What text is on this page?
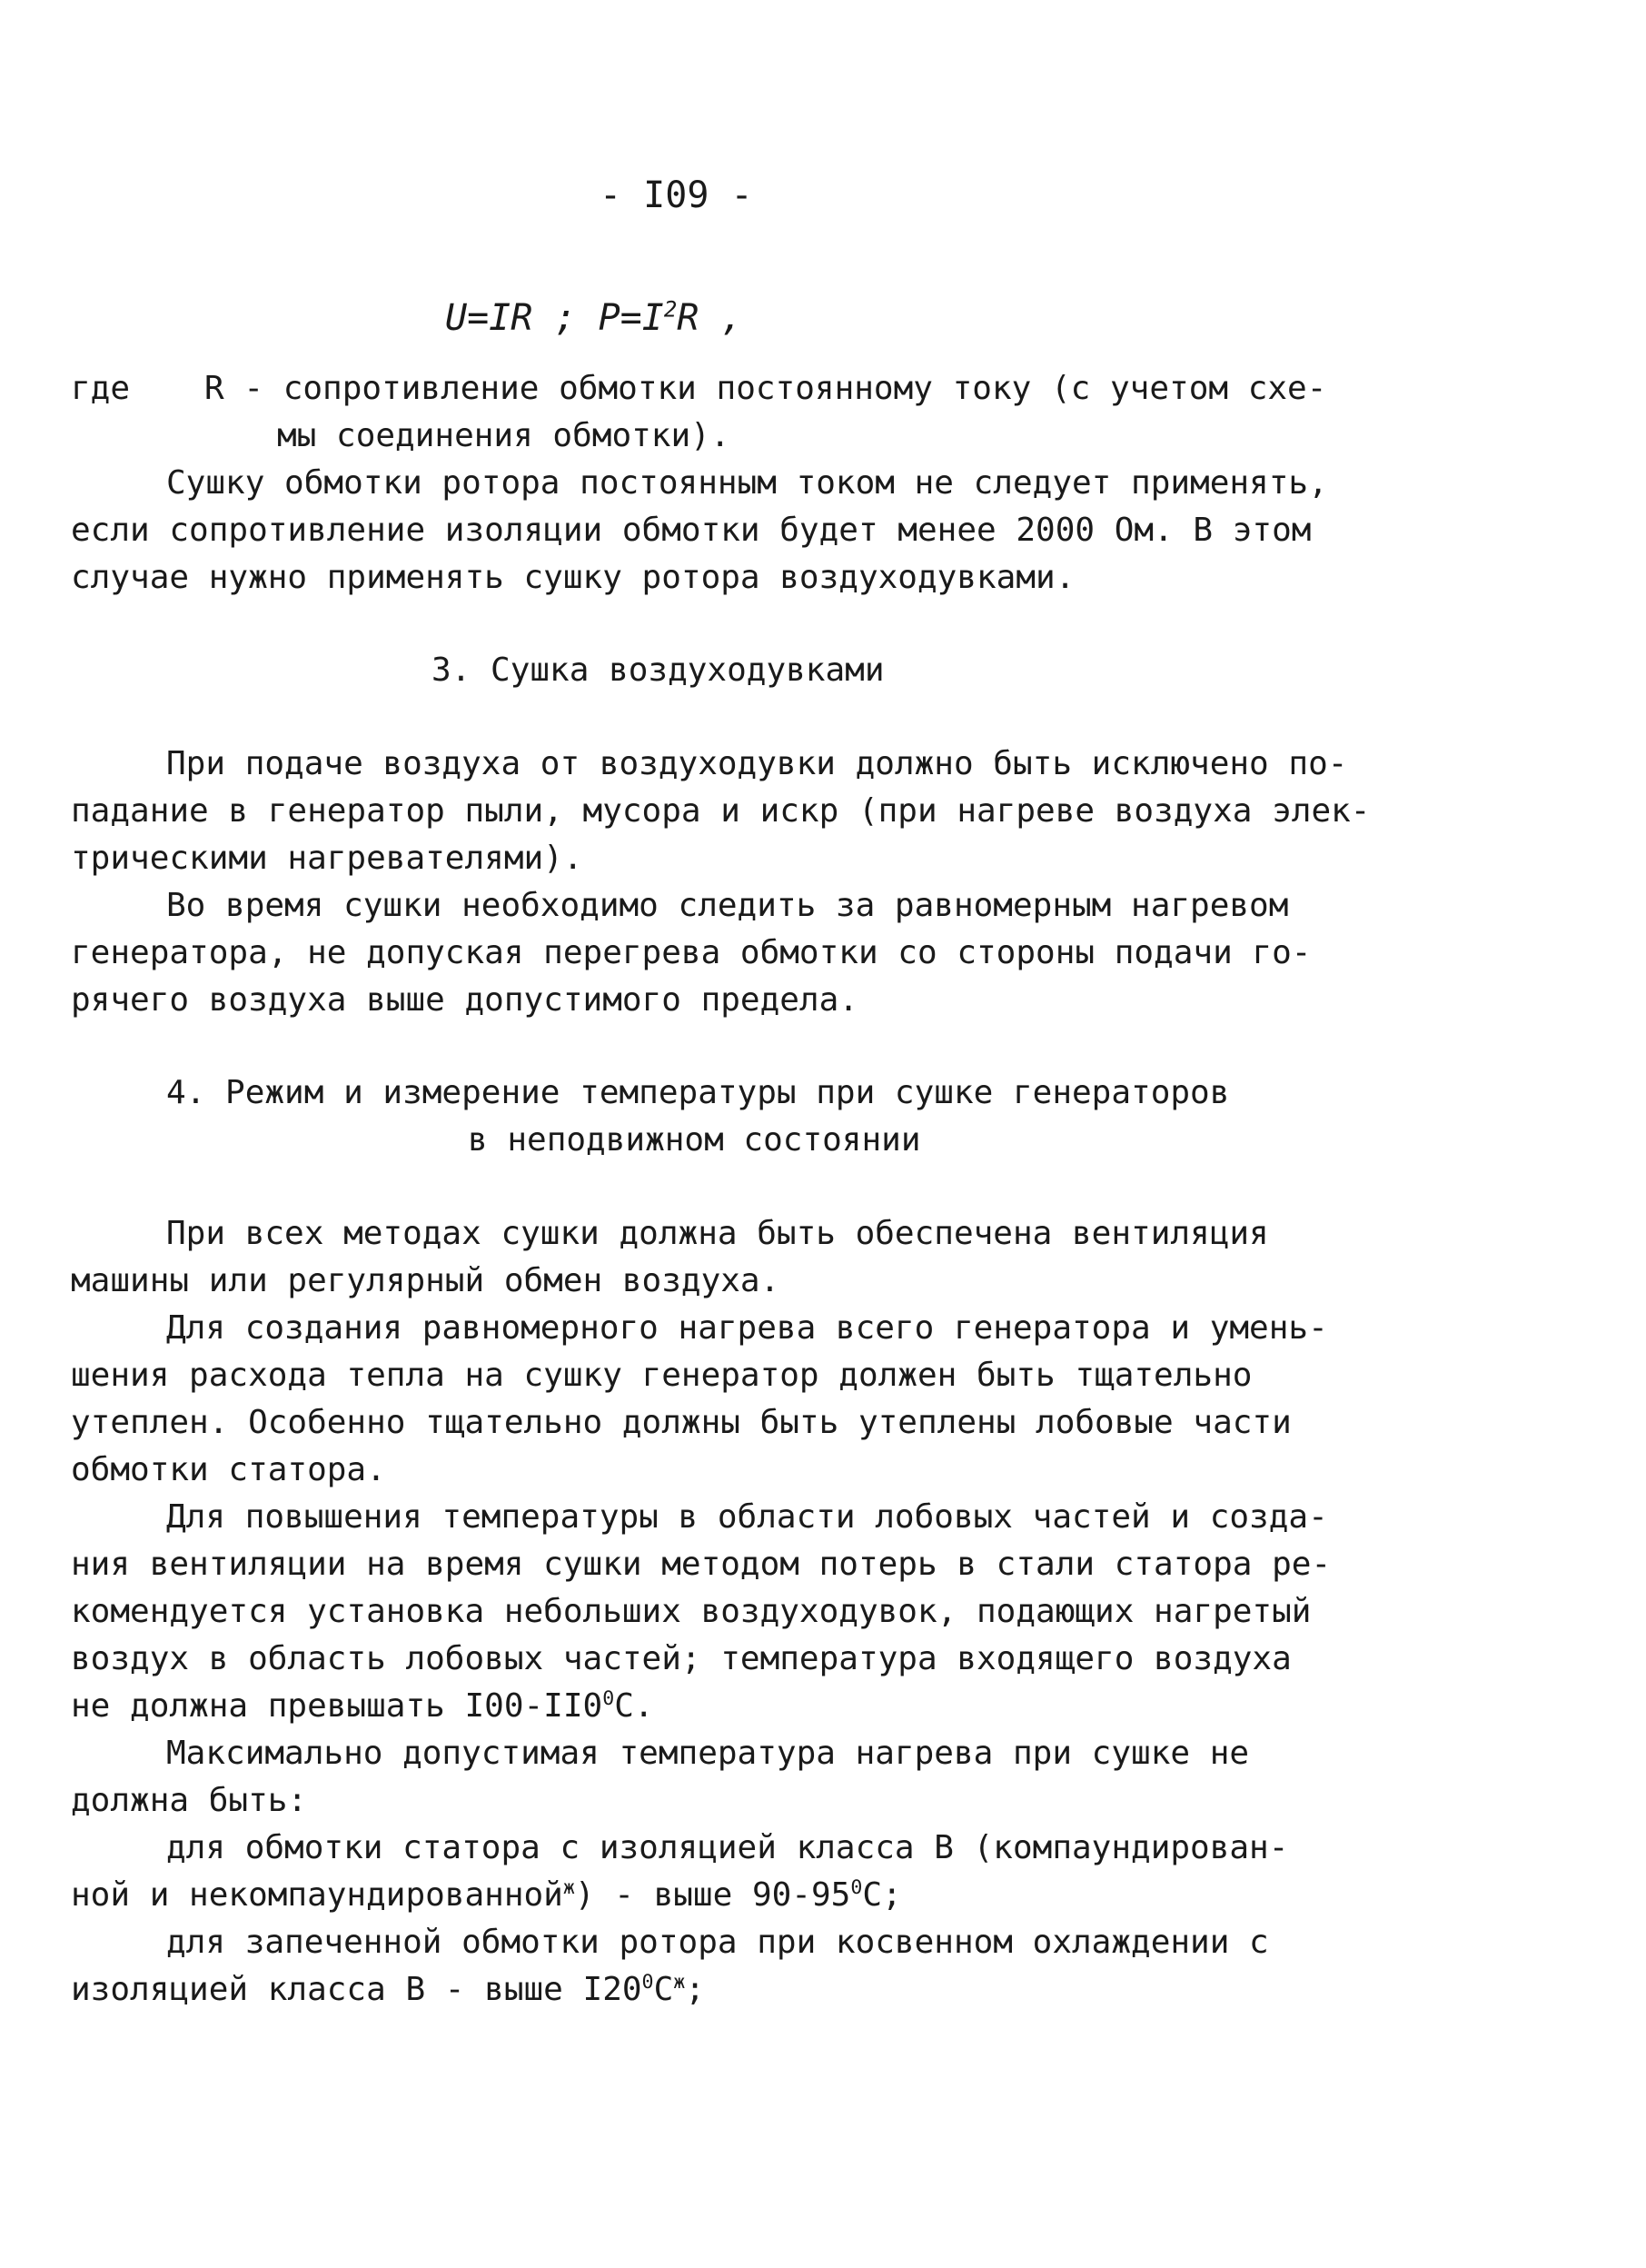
- I09 -
U=IR ; $P=I^2R$ ,
где R - сопротивление обмотки постоянному току (с учетом схе-
мы соединения обмотки).
Сушку обмотки ротора постоянным током не следует применять,
если сопротивление изоляции обмотки будет менее 2000 Ом. В этом
случае нужно применять сушку ротора воздуходувками.
3. Сушка воздуходувками
При подаче воздуха от воздуходувки должно быть исключено по-
падание в генератор пыли, мусора и искр (при нагреве воздуха элек-
трическими нагревателями).
Во время сушки необходимо следить за равномерным нагревом
генератора, не допуская перегрева обмотки со стороны подачи го-
рячего воздуха выше допустимого предела.
4. Режим и измерение температуры при сушке генераторов
в неподвижном состоянии
При всех методах сушки должна быть обеспечена вентиляция
машины или регулярный обмен воздуха.
Для создания равномерного нагрева всего генератора и умень-
шения расхода тепла на сушку генератор должен быть тщательно
утеплен. Особенно тщательно должны быть утеплены лобовые части
обмотки статора.
Для повышения температуры в области лобовых частей и созда-
ния вентиляции на время сушки методом потерь в стали статора ре-
комендуется установка небольших воздуходувок, подающих нагретый
воздух в область лобовых частей; температура входящего воздуха
не должна превышать $I00-II0^0С$.
Максимально допустимая температура нагрева при сушке не
должна быть:
для обмотки статора с изоляцией класса В (компаундирован-
ной и некомпаундированной$^ж$) - выше $90-95^0С$;
для запеченной обмотки ротора при косвенном охлаждении с
изоляцией класса В - выше $I20^0С^ж$;
